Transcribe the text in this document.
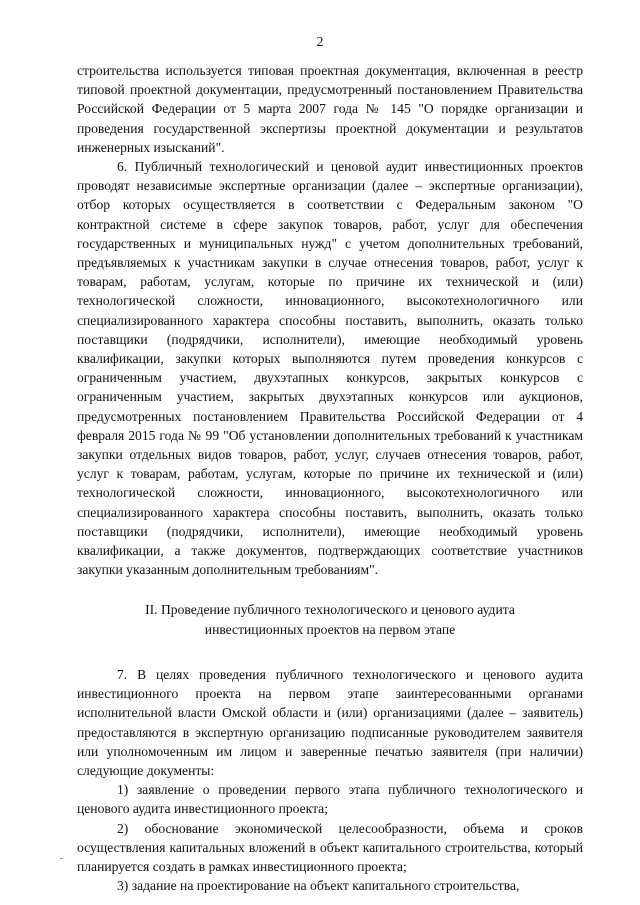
2

строительства используется типовая проектная документация, включенная в реестр типовой проектной документации, предусмотренный постановлением Правительства Российской Федерации от 5 марта 2007 года № 145 "О порядке организации и проведения государственной экспертизы проектной документации и результатов инженерных изысканий".

6. Публичный технологический и ценовой аудит инвестиционных проектов проводят независимые экспертные организации (далее – экспертные организации), отбор которых осуществляется в соответствии с Федеральным законом "О контрактной системе в сфере закупок товаров, работ, услуг для обеспечения государственных и муниципальных нужд" с учетом дополнительных требований, предъявляемых к участникам закупки в случае отнесения товаров, работ, услуг к товарам, работам, услугам, которые по причине их технической и (или) технологической сложности, инновационного, высокотехнологичного или специализированного характера способны поставить, выполнить, оказать только поставщики (подрядчики, исполнители), имеющие необходимый уровень квалификации, закупки которых выполняются путем проведения конкурсов с ограниченным участием, двухэтапных конкурсов, закрытых конкурсов с ограниченным участием, закрытых двухэтапных конкурсов или аукционов, предусмотренных постановлением Правительства Российской Федерации от 4 февраля 2015 года № 99 "Об установлении дополнительных требований к участникам закупки отдельных видов товаров, работ, услуг, случаев отнесения товаров, работ, услуг к товарам, работам, услугам, которые по причине их технической и (или) технологической сложности, инновационного, высокотехнологичного или специализированного характера способны поставить, выполнить, оказать только поставщики (подрядчики, исполнители), имеющие необходимый уровень квалификации, а также документов, подтверждающих соответствие участников закупки указанным дополнительным требованиям".

II. Проведение публичного технологического и ценового аудита
инвестиционных проектов на первом этапе

7. В целях проведения публичного технологического и ценового аудита инвестиционного проекта на первом этапе заинтересованными органами исполнительной власти Омской области и (или) организациями (далее – заявитель) предоставляются в экспертную организацию подписанные руководителем заявителя или уполномоченным им лицом и заверенные печатью заявителя (при наличии) следующие документы:

1) заявление о проведении первого этапа публичного технологического и ценового аудита инвестиционного проекта;

2) обоснование экономической целесообразности, объема и сроков осуществления капитальных вложений в объект капитального строительства, который планируется создать в рамках инвестиционного проекта;

3) задание на проектирование на объект капитального строительства,
